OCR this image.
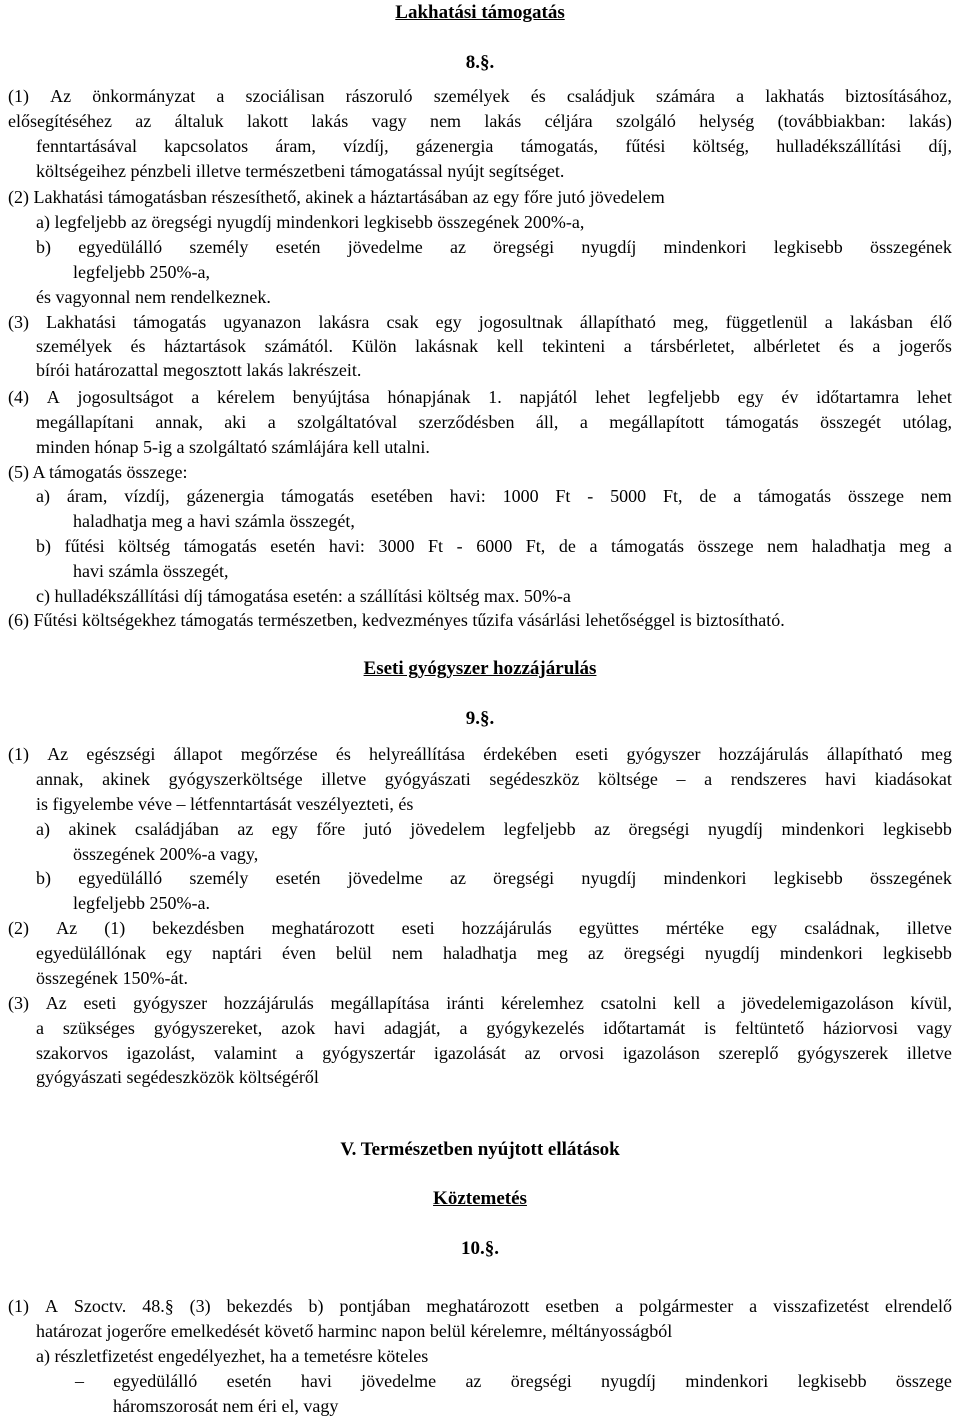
Lakhatási támogatás
8.§.
(1) Az önkormányzat a szociálisan rászoruló személyek és családjuk számára a lakhatás biztosításához,
elősegítéséhez az általuk lakott lakás vagy nem lakás céljára szolgáló helység (továbbiakban: lakás)
fenntartásával kapcsolatos áram, vízdíj, gázenergia támogatás, fűtési költség, hulladékszállítási díj,
költségeihez pénzbeli illetve természetbeni támogatással nyújt segítséget.
(2) Lakhatási támogatásban részesíthető, akinek a háztartásában az egy főre jutó jövedelem
a) legfeljebb az öregségi nyugdíj mindenkori legkisebb összegének 200%-a,
b) egyedülálló személy esetén jövedelme az öregségi nyugdíj mindenkori legkisebb összegének
legfeljebb 250%-a,
és vagyonnal nem rendelkeznek.
(3) Lakhatási támogatás ugyanazon lakásra csak egy jogosultnak állapítható meg, függetlenül a lakásban élő
személyek és háztartások számától. Külön lakásnak kell tekinteni a társbérletet, albérletet és a jogerős
bírói határozattal megosztott lakás lakrészeit.
(4) A jogosultságot a kérelem benyújtása hónapjának 1. napjától lehet legfeljebb egy év időtartamra lehet
megállapítani annak, aki a szolgáltatóval szerződésben áll, a megállapított támogatás összegét utólag,
minden hónap 5-ig a szolgáltató számlájára kell utalni.
(5) A támogatás összege:
a) áram, vízdíj, gázenergia támogatás esetében havi: 1000 Ft - 5000 Ft, de a támogatás összege nem
haladhatja meg a havi számla összegét,
b) fűtési költség támogatás esetén havi: 3000 Ft - 6000 Ft, de a támogatás összege nem haladhatja meg a
havi számla összegét,
c) hulladékszállítási díj támogatása esetén: a szállítási költség max. 50%-a
(6) Fűtési költségekhez támogatás természetben, kedvezményes tűzifa vásárlási lehetőséggel is biztosítható.
Eseti gyógyszer hozzájárulás
9.§.
(1) Az egészségi állapot megőrzése és helyreállítása érdekében eseti gyógyszer hozzájárulás állapítható meg
annak, akinek gyógyszerköltsége illetve gyógyászati segédeszköz költsége – a rendszeres havi kiadásokat
is figyelembe véve – létfenntartását veszélyezteti, és
a) akinek családjában az egy főre jutó jövedelem legfeljebb az öregségi nyugdíj mindenkori legkisebb
összegének 200%-a vagy,
b) egyedülálló személy esetén jövedelme az öregségi nyugdíj mindenkori legkisebb összegének
legfeljebb 250%-a.
(2) Az (1) bekezdésben meghatározott eseti hozzájárulás együttes mértéke egy családnak, illetve
egyedülállónak egy naptári éven belül nem haladhatja meg az öregségi nyugdíj mindenkori legkisebb
összegének 150%-át.
(3) Az eseti gyógyszer hozzájárulás megállapítása iránti kérelemhez csatolni kell a jövedelemigazoláson kívül,
a szükséges gyógyszereket, azok havi adagját, a gyógykezelés időtartamát is feltüntető háziorvosi vagy
szakorvos igazolást, valamint a gyógyszertár igazolását az orvosi igazoláson szereplő gyógyszerek illetve
gyógyászati segédeszközök költségéről
V. Természetben nyújtott ellátások
Köztemetés
10.§.
(1) A Szoctv. 48.§ (3) bekezdés b) pontjában meghatározott esetben a polgármester a visszafizetést elrendelő
határozat jogerőre emelkedését követő harminc napon belül kérelemre, méltányosságból
a) részletfizetést engedélyezhet, ha a temetésre köteles
– egyedülálló esetén havi jövedelme az öregségi nyugdíj mindenkori legkisebb összege
háromszorosát nem éri el, vagy
